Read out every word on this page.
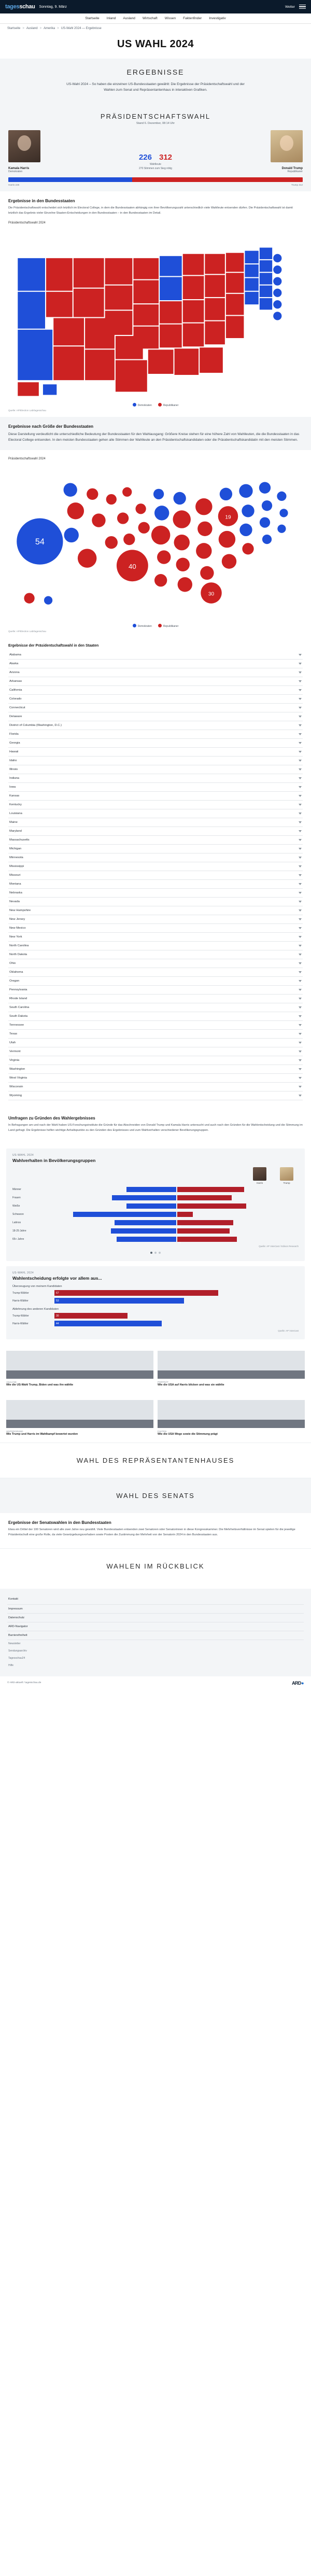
tagesschau Sonntag, 9. März	Wetter
Startseite Inland Ausland Wirtschaft Wissen Faktenfinder Investigativ
Startseite > Ausland > Amerika > US-Wahl 2024 — Ergebnisse
US WAHL 2024
ERGEBNISSE

US-Wahl 2024 – So haben die einzelnen US-Bundesstaaten gewählt: Die Ergebnisse der Präsidentschaftswahl und der Wahlen zum Senat und Repräsentantenhaus in interaktiven Grafiken.

PRÄSIDENTSCHAFTSWAHL
Stand 6. Dezember, 08:14 Uhr
Kamala Harris
Demokraten
226 312
Wahlleute
270 Stimmen zum Sieg nötig	Donald Trump
Republikaner
Harris 226	Trump 312
Ergebnisse in den Bundesstaaten

Die Präsidentschaftswahl entscheidet sich letztlich im Electoral College, in dem die Bundesstaaten abhängig von ihrer Bevölkerungszahl unterschiedlich viele Wahlleute entsenden dürfen. Die Präsidentschaftswahl ist damit letztlich das Ergebnis vieler Einzelne-Staaten-Entscheidungen in den Bundesstaaten – in den Bundesstaaten im Detail.

Präsidentschaftswahl 2024
Demokraten	Republikaner
Quelle: AP/Election Lab/tagesschau
Ergebnisse nach Größe der Bundesstaaten

Diese Darstellung verdeutlicht die unterschiedliche Bedeutung der Bundesstaaten für den Wahlausgang: Größere Kreise stehen für eine höhere Zahl von Wahlleuten, die die Bundesstaaten in das Electoral College entsenden. In den meisten Bundesstaaten gehen alle Stimmen der Wahlleute an den Präsidentschaftskandidaten oder die Präsidentschaftskandidatin mit den meisten Stimmen.

Präsidentschaftswahl 2024
54
40
30
19
Demokraten	Republikaner
Quelle: AP/Election Lab/tagesschau
Ergebnisse der Präsidentschaftswahl in den Staaten
Alabama
Alaska
Arizona
Arkansas
California
Colorado
Connecticut
Delaware
District of Columbia (Washington, D.C.)
Florida
Georgia
Hawaii
Idaho
Illinois
Indiana
Iowa
Kansas
Kentucky
Louisiana
Maine
Maryland
Massachusetts
Michigan
Minnesota
Mississippi
Missouri
Montana
Nebraska
Nevada
New Hampshire
New Jersey
New Mexico
New York
North Carolina
North Dakota
Ohio
Oklahoma
Oregon
Pennsylvania
Rhode Island
South Carolina
South Dakota
Tennessee
Texas
Utah
Vermont
Virginia
Washington
West Virginia
Wisconsin
Wyoming
Umfragen zu Gründen des Wahlergebnisses

In Befragungen am und nach der Wahl haben US-Forschungsinstitute die Gründe für das Abschneiden von Donald Trump und Kamala Harris untersucht und auch nach den Gründen für die Wahlentscheidung und die Stimmung im Land gefragt. Die Ergebnisse helfen wichtige Anhaltspunkte zu den Gründen des Ergebnisses und zum Wahlverhalten verschiedener Bevölkerungsgruppen.

US-WAHL 2024
Wahlverhalten in Bevölkerungsgruppen
Harris	Trump
Männer
41	55
Frauen
53	45
Weiße
41	57
Schwarze
85	13
Latinos
51	46
18-29 Jahre
54	43
65+ Jahre
49	49
Quelle: AP VoteCast / Edison Research
US-WAHL 2024
Wahlentscheidung erfolgte vor allem aus...
Überzeugung von meinem Kandidaten
Trump-Wähler	67
Harris-Wähler	53
Ablehnung des anderen Kandidaten
Trump-Wähler	30
Harris-Wähler	44
Quelle: AP VoteCast
ANALYSE
Wie die US-Wahl Trump, Biden und was ihn wählte
PORTRÄT
Wie die USA auf Harris blicken und was sie wählte
HINTERGRUND
Wie Trump und Harris im Wahlkampf bewertet wurden
FAKTEN
Wie die USA Wege sowie die Stimmung prägt
WAHL DES REPRÄSENTANTENHAUSES
WAHL DES SENATS
Ergebnisse der Senatswahlen in den Bundesstaaten

Etwa ein Drittel der 100 Senatoren wird alle zwei Jahre neu gewählt. Viele Bundesstaaten entsenden zwei Senatoren oder Senatorinnen in diese Kongresskammer. Die Mehrheitsverhältnisse im Senat spielen für die jeweilige Präsidentschaft eine große Rolle, da viele Gesetzgebungsvorhaben sowie Posten die Zustimmung der Mehrheit von der Senatorin 2024 in den Bundesstaaten aus.

WAHLEN IM RÜCKBLICK
Kontakt
Impressum
Datenschutz
ARD-Navigator
Barrierefreiheit
Newsletter
Sendungsarchiv
Tagesschau24
Hilfe
© ARD-aktuell / tagesschau.de	ARD●
